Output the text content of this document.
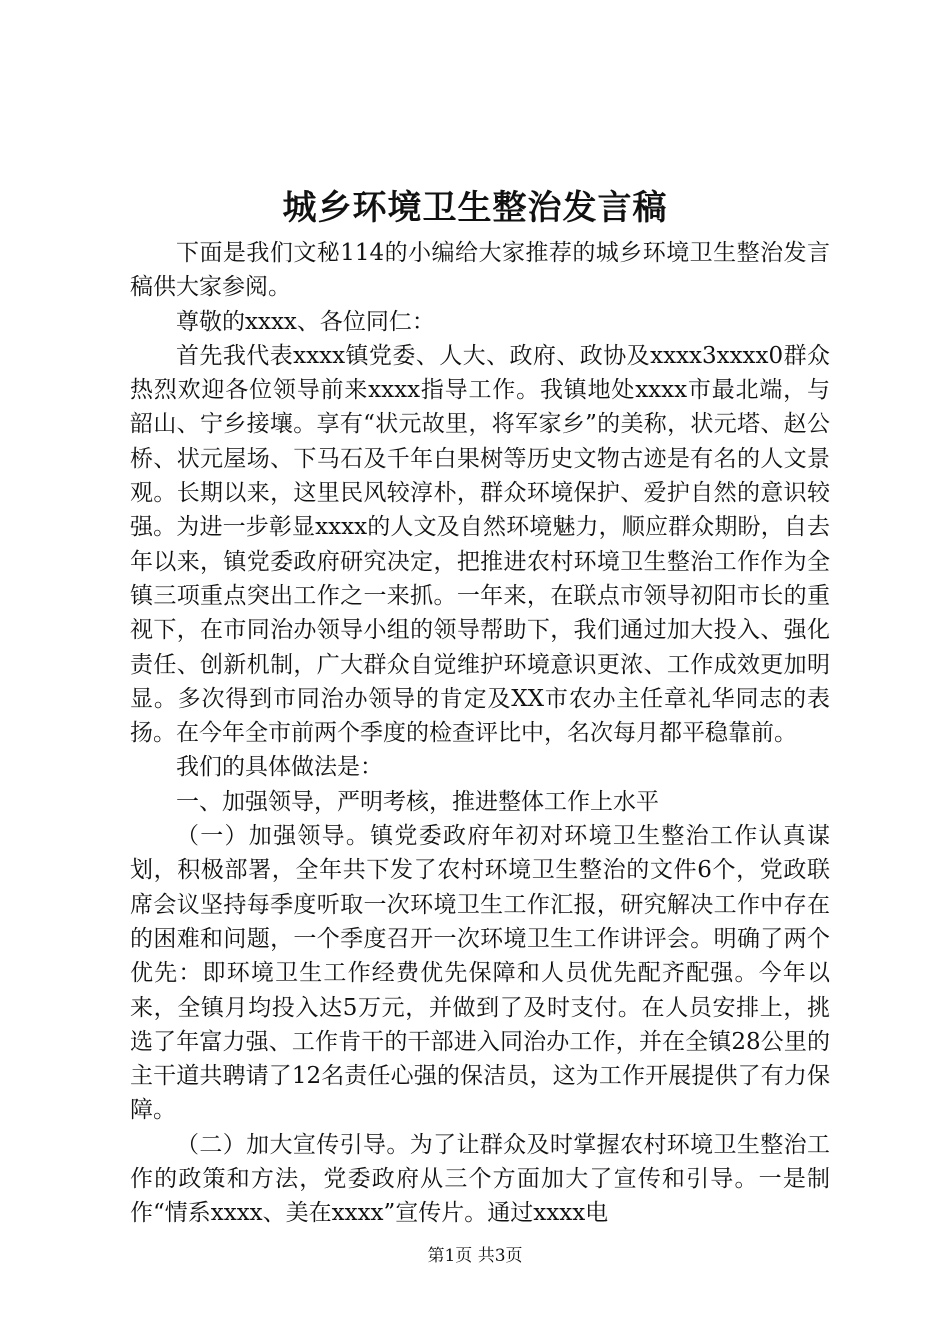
城乡环境卫生整治发言稿

下面是我们文秘114的小编给大家推荐的城乡环境卫生整治发言稿供大家参阅。

尊敬的xxxx、各位同仁：

首先我代表xxxx镇党委、人大、政府、政协及xxxx3xxxx0群众热烈欢迎各位领导前来xxxx指导工作。我镇地处xxxx市最北端，与韶山、宁乡接壤。享有“状元故里，将军家乡”的美称，状元塔、赵公桥、状元屋场、下马石及千年白果树等历史文物古迹是有名的人文景观。长期以来，这里民风较淳朴，群众环境保护、爱护自然的意识较强。为进一步彰显xxxx的人文及自然环境魅力，顺应群众期盼，自去年以来，镇党委政府研究决定，把推进农村环境卫生整治工作作为全镇三项重点突出工作之一来抓。一年来，在联点市领导初阳市长的重视下，在市同治办领导小组的领导帮助下，我们通过加大投入、强化责任、创新机制，广大群众自觉维护环境意识更浓、工作成效更加明显。多次得到市同治办领导的肯定及XX市农办主任章礼华同志的表扬。在今年全市前两个季度的检查评比中，名次每月都平稳靠前。

我们的具体做法是：

一、加强领导，严明考核，推进整体工作上水平

（一）加强领导。镇党委政府年初对环境卫生整治工作认真谋划，积极部署，全年共下发了农村环境卫生整治的文件6个，党政联席会议坚持每季度听取一次环境卫生工作汇报，研究解决工作中存在的困难和问题，一个季度召开一次环境卫生工作讲评会。明确了两个优先：即环境卫生工作经费优先保障和人员优先配齐配强。今年以来，全镇月均投入达5万元，并做到了及时支付。在人员安排上，挑选了年富力强、工作肯干的干部进入同治办工作，并在全镇28公里的主干道共聘请了12名责任心强的保洁员，这为工作开展提供了有力保障。

（二）加大宣传引导。为了让群众及时掌握农村环境卫生整治工作的政策和方法，党委政府从三个方面加大了宣传和引导。一是制作“情系xxxx、美在xxxx”宣传片。通过xxxx电

第1页 共3页
